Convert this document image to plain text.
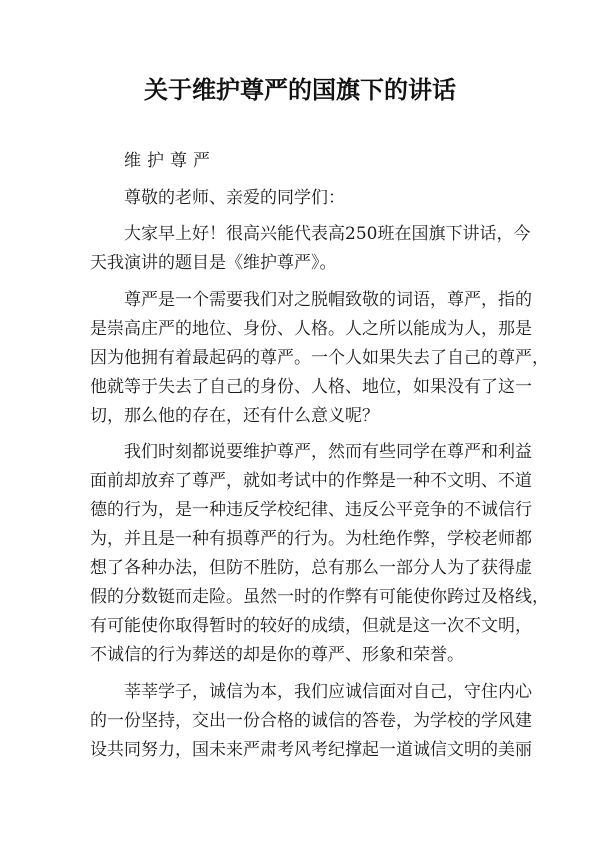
关于维护尊严的国旗下的讲话
维护尊严
尊敬的老师、亲爱的同学们：
大家早上好！很高兴能代表高250班在国旗下讲话，今
天我演讲的题目是《维护尊严》。
尊严是一个需要我们对之脱帽致敬的词语，尊严，指的
是崇高庄严的地位、身份、人格。人之所以能成为人，那是
因为他拥有着最起码的尊严。一个人如果失去了自己的尊严，
他就等于失去了自己的身份、人格、地位，如果没有了这一
切，那么他的存在，还有什么意义呢？
我们时刻都说要维护尊严，然而有些同学在尊严和利益
面前却放弃了尊严，就如考试中的作弊是一种不文明、不道
德的行为，是一种违反学校纪律、违反公平竞争的不诚信行
为，并且是一种有损尊严的行为。为杜绝作弊，学校老师都
想了各种办法，但防不胜防，总有那么一部分人为了获得虚
假的分数铤而走险。虽然一时的作弊有可能使你跨过及格线，
有可能使你取得暂时的较好的成绩，但就是这一次不文明，
不诚信的行为葬送的却是你的尊严、形象和荣誉。
莘莘学子，诚信为本，我们应诚信面对自己，守住内心
的一份坚持，交出一份合格的诚信的答卷，为学校的学风建
设共同努力，国未来严肃考风考纪撑起一道诚信文明的美丽
